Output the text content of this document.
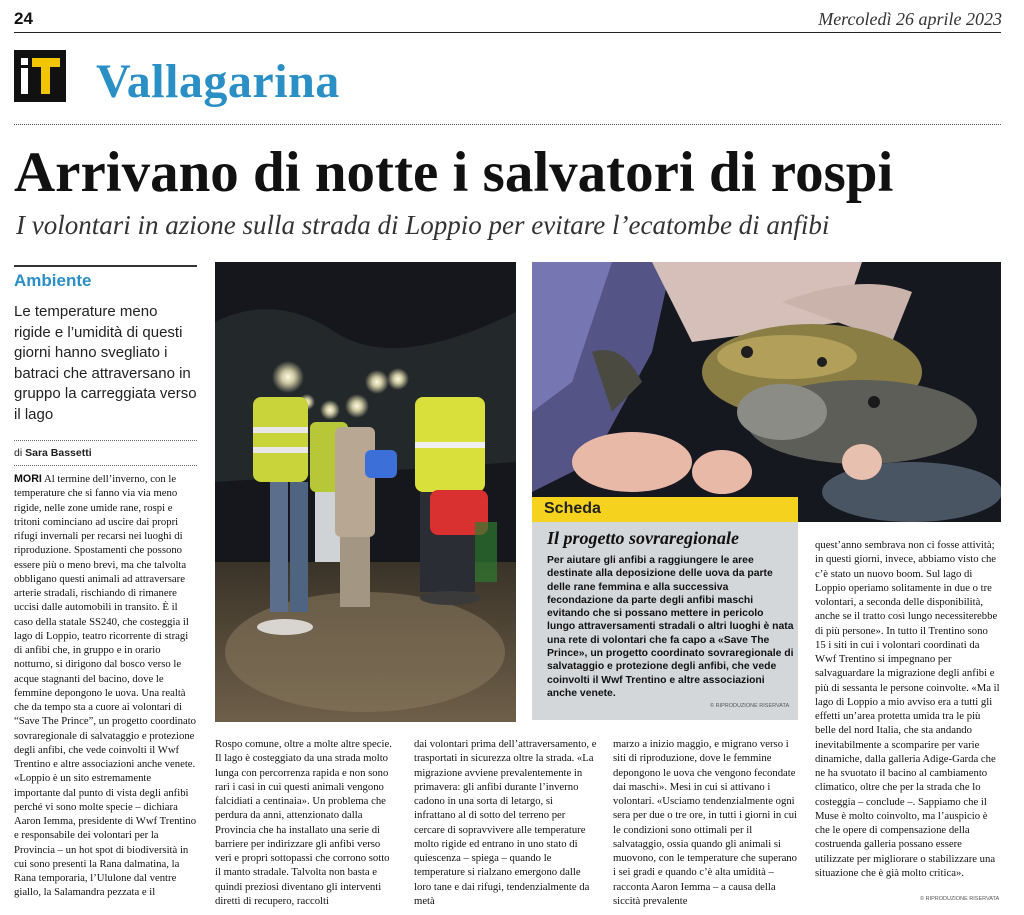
24	Mercoledì 26 aprile 2023
Vallagarina
Arrivano di notte i salvatori di rospi
I volontari in azione sulla strada di Loppio per evitare l’ecatombe di anfibi
Ambiente
Le temperature meno rigide e l’umidità di questi giorni hanno svegliato i batraci che attraversano in gruppo la carreggiata verso il lago
di Sara Bassetti

MORI Al termine dell’inverno, con le temperature che si fanno via via meno rigide, nelle zone umide rane, rospi e tritoni cominciano ad uscire dai propri rifugi invernali per recarsi nei luoghi di riproduzione. Spostamenti che possono essere più o meno brevi, ma che talvolta obbligano questi animali ad attraversare arterie stradali, rischiando di rimanere uccisi dalle automobili in transito. È il caso della statale SS240, che costeggia il lago di Loppio, teatro ricorrente di stragi di anfibi che, in gruppo e in orario notturno, si dirigono dal bosco verso le acque stagnanti del bacino, dove le femmine depongono le uova. Una realtà che da tempo sta a cuore ai volontari di “Save The Prince”, un progetto coordinato sovraregionale di salvataggio e protezione degli anfibi, che vede coinvolti il Wwf Trentino e altre associazioni anche venete. «Loppio è un sito estremamente importante dal punto di vista degli anfibi perché vi sono molte specie – dichiara Aaron Iemma, presidente di Wwf Trentino e responsabile dei volontari per la Provincia – un hot spot di biodiversità in cui sono presenti la Rana dalmatina, la Rana temporaria, l’Ululone dal ventre giallo, la Salamandra pezzata e il

Scheda
Il progetto sovraregionale
Per aiutare gli anfibi a raggiungere le aree destinate alla deposizione delle uova da parte delle rane femmina e alla successiva fecondazione da parte degli anfibi maschi evitando che si possano mettere in pericolo lungo attraversamenti stradali o altri luoghi è nata una rete di volontari che fa capo a «Save The Prince», un progetto coordinato sovraregionale di salvataggio e protezione degli anfibi, che vede coinvolti il Wwf Trentino e altre associazioni anche venete.
© RIPRODUZIONE RISERVATA

Rospo comune, oltre a molte altre specie. Il lago è costeggiato da una strada molto lunga con percorrenza rapida e non sono rari i casi in cui questi animali vengono falcidiati a centinaia». Un problema che perdura da anni, attenzionato dalla Provincia che ha installato una serie di barriere per indirizzare gli anfibi verso veri e propri sottopassi che corrono sotto il manto stradale. Talvolta non basta e quindi preziosi diventano gli interventi diretti di recupero, raccolti

dai volontari prima dell’attraversamento, e trasportati in sicurezza oltre la strada. «La migrazione avviene prevalentemente in primavera: gli anfibi durante l’inverno cadono in una sorta di letargo, si infrattano al di sotto del terreno per cercare di sopravvivere alle temperature molto rigide ed entrano in uno stato di quiescenza – spiega – quando le temperature si rialzano emergono dalle loro tane e dai rifugi, tendenzialmente da metà

marzo a inizio maggio, e migrano verso i siti di riproduzione, dove le femmine depongono le uova che vengono fecondate dai maschi». Mesi in cui si attivano i volontari. «Usciamo tendenzialmente ogni sera per due o tre ore, in tutti i giorni in cui le condizioni sono ottimali per il salvataggio, ossia quando gli animali si muovono, con le temperature che superano i sei gradi e quando c’è alta umidità – racconta Aaron Iemma – a causa della siccità prevalente

quest’anno sembrava non ci fosse attività; in questi giorni, invece, abbiamo visto che c’è stato un nuovo boom. Sul lago di Loppio operiamo solitamente in due o tre volontari, a seconda delle disponibilità, anche se il tratto così lungo necessiterebbe di più persone». In tutto il Trentino sono 15 i siti in cui i volontari coordinati da Wwf Trentino si impegnano per salvaguardare la migrazione degli anfibi e più di sessanta le persone coinvolte. «Ma il lago di Loppio a mio avviso era a tutti gli effetti un’area protetta umida tra le più belle del nord Italia, che sta andando inevitabilmente a scomparire per varie dinamiche, dalla galleria Adige-Garda che ne ha svuotato il bacino al cambiamento climatico, oltre che per la strada che lo costeggia – conclude –. Sappiamo che il Muse è molto coinvolto, ma l’auspicio è che le opere di compensazione della costruenda galleria possano essere utilizzate per migliorare o stabilizzare una situazione che è già molto critica».

© RIPRODUZIONE RISERVATA
